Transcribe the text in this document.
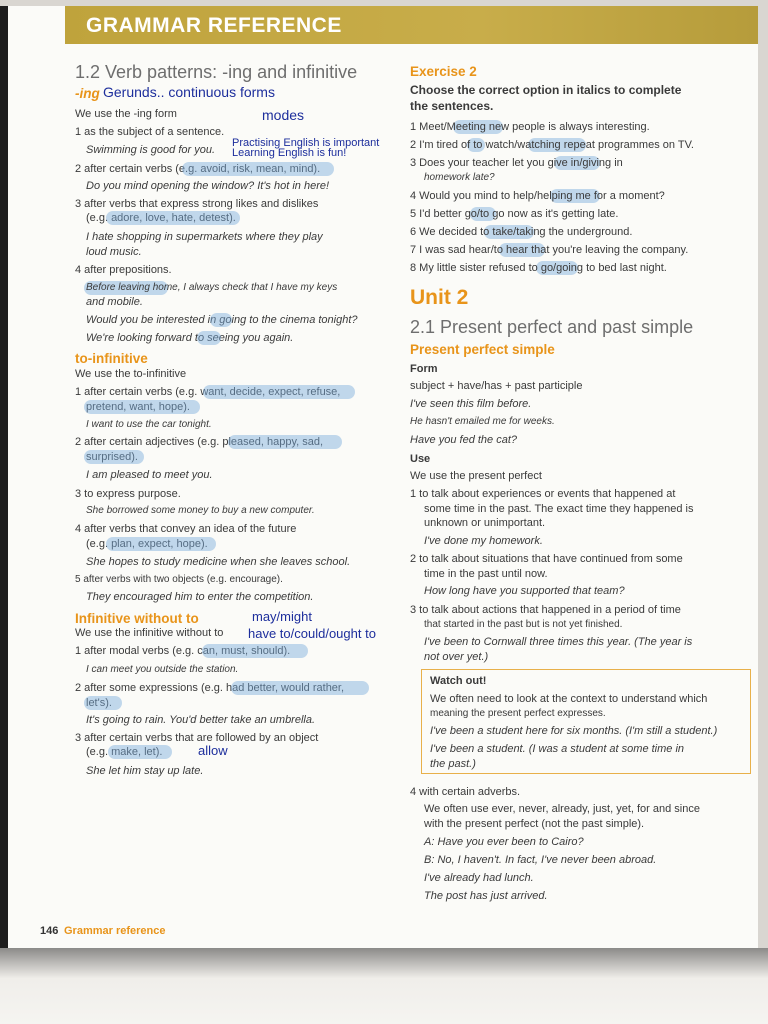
GRAMMAR REFERENCE
1.2 Verb patterns: -ing and infinitive
-ing Gerunds.. continuous forms
We use the -ing form	modes
1 as the subject of a sentence.
Swimming is good for you.
Practising English is important
Learning English is fun!
2 after certain verbs (e.g. avoid, risk, mean, mind).
Do you mind opening the window? It's hot in here!
3 after verbs that express strong likes and dislikes
(e.g. adore, love, hate, detest).
I hate shopping in supermarkets where they play
loud music.
4 after prepositions.
Before leaving home, I always check that I have my keys
and mobile.
Would you be interested in going to the cinema tonight?
We're looking forward to seeing you again.
to-infinitive
We use the to-infinitive
1 after certain verbs (e.g. want, decide, expect, refuse,
pretend, want, hope).
I want to use the car tonight.
2 after certain adjectives (e.g. pleased, happy, sad,
surprised).
I am pleased to meet you.
3 to express purpose.
She borrowed some money to buy a new computer.
4 after verbs that convey an idea of the future
(e.g. plan, expect, hope).
She hopes to study medicine when she leaves school.
5 after verbs with two objects (e.g. encourage).
They encouraged him to enter the competition.
Infinitive without to	may/might
We use the infinitive without to have to/could/ought to
1 after modal verbs (e.g. can, must, should).
I can meet you outside the station.
2 after some expressions (e.g. had better, would rather,
let's).
It's going to rain. You'd better take an umbrella.
3 after certain verbs that are followed by an object
(e.g. make, let).	allow
She let him stay up late.
Exercise 2
Choose the correct option in italics to complete
the sentences.
1 Meet/Meeting new people is always interesting.
2 I'm tired of to watch/watching repeat programmes on TV.
3 Does your teacher let you give in/giving in
homework late?
4 Would you mind to help/helping me for a moment?
5 I'd better go/to go now as it's getting late.
6 We decided to take/taking the underground.
7 I was sad hear/to hear that you're leaving the company.
8 My little sister refused to go/going to bed last night.
Unit 2
2.1 Present perfect and past simple
Present perfect simple
Form
subject + have/has + past participle
I've seen this film before.
He hasn't emailed me for weeks.
Have you fed the cat?
Use
We use the present perfect
1 to talk about experiences or events that happened at
some time in the past. The exact time they happened is
unknown or unimportant.
I've done my homework.
2 to talk about situations that have continued from some
time in the past until now.
How long have you supported that team?
3 to talk about actions that happened in a period of time
that started in the past but is not yet finished.
I've been to Cornwall three times this year. (The year is
not over yet.)
Watch out!
We often need to look at the context to understand which
meaning the present perfect expresses.
I've been a student here for six months. (I'm still a student.)
I've been a student. (I was a student at some time in
the past.)
4 with certain adverbs.
We often use ever, never, already, just, yet, for and since
with the present perfect (not the past simple).
A: Have you ever been to Cairo?
B: No, I haven't. In fact, I've never been abroad.
I've already had lunch.
The post has just arrived.
146 Grammar reference
